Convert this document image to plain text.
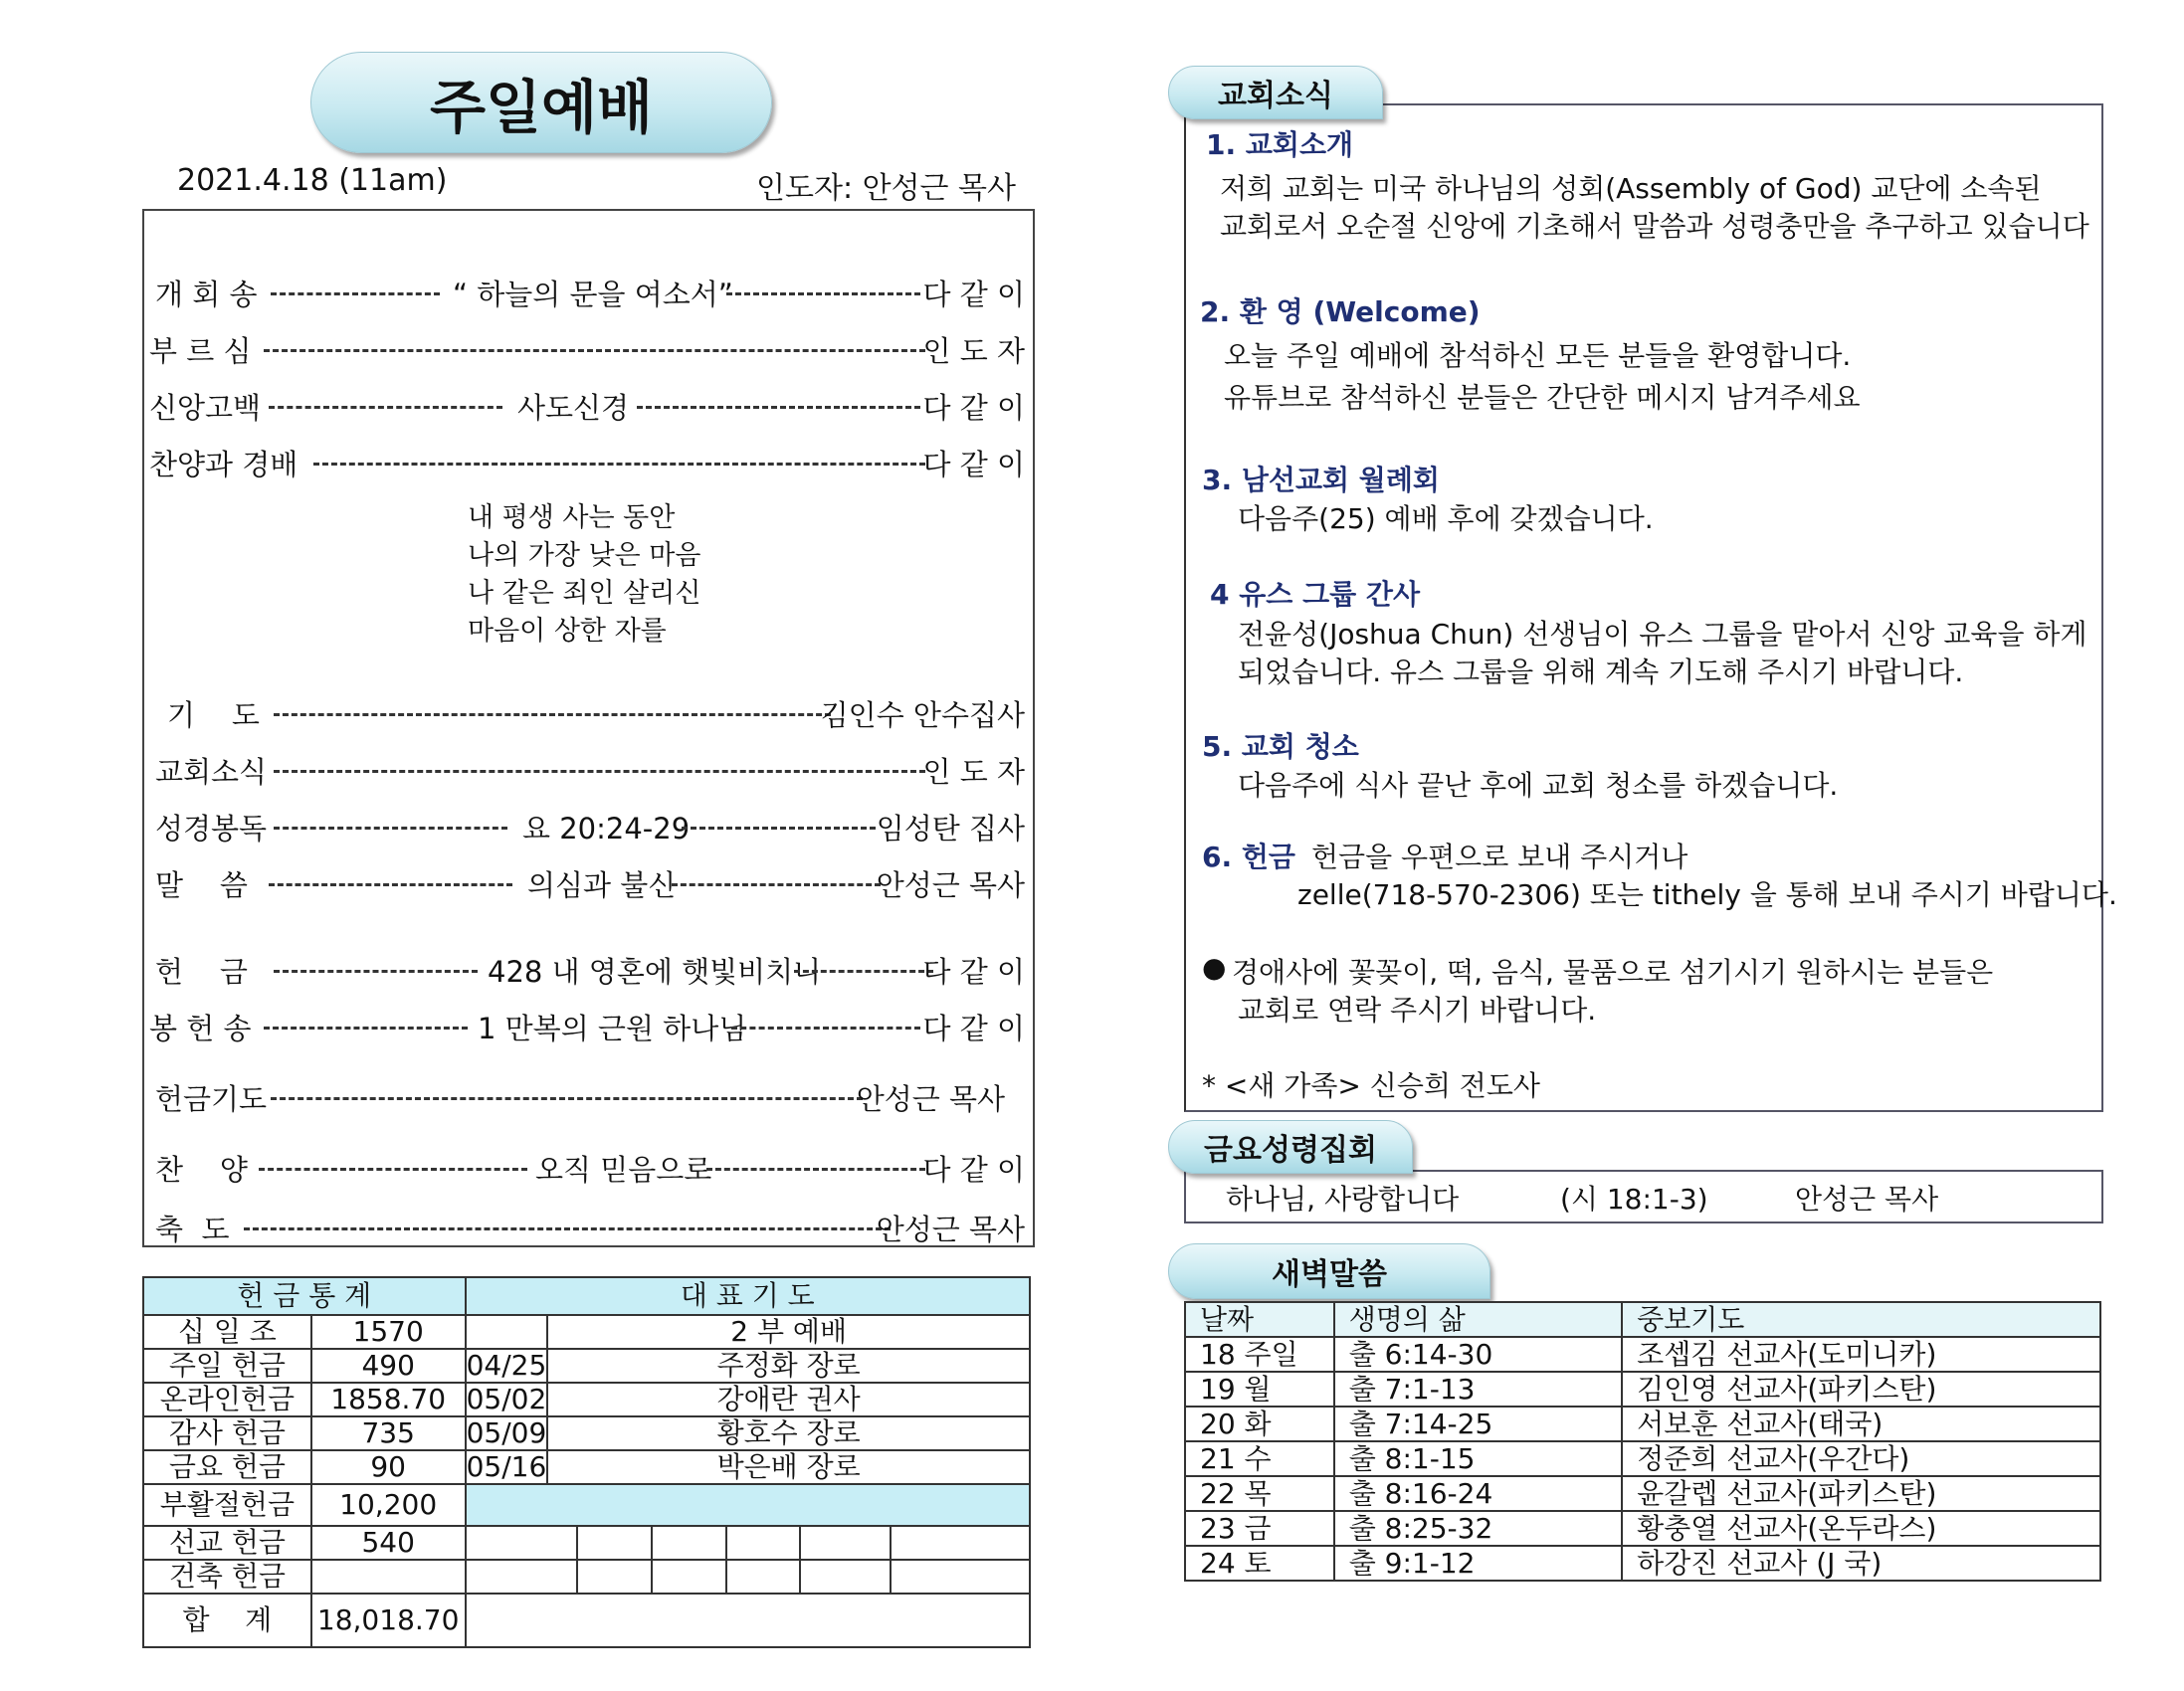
주일예배
2021.4.18 (11am)	인도자: 안성근 목사
개 회 송	“ 하늘의 문을 여소서”	다 같 이
부 르 심	인 도 자
신앙고백	사도신경	다 같 이
찬양과 경배	다 같 이
내 평생 사는 동안
나의 가장 낮은 마음
나 같은 죄인 살리신
마음이 상한 자를
기    도	김인수 안수집사
교회소식	인 도 자
성경봉독	요 20:24-29	임성탄 집사
말    씀	의심과 불신	안성근 목사
헌    금	428 내 영혼에 햇빛비치니	다 같 이
봉 헌 송	1 만복의 근원 하나님	다 같 이
헌금기도	안성근 목사
찬    양	오직 믿음으로	다 같 이
축  도	안성근 목사
헌 금 통 계		대 표 기 도						
십 일 조	1570		2 부 예배					
주일 헌금	490	04/25	주정화 장로					
온라인헌금	1858.70	05/02	강애란 권사					
감사 헌금	735	05/09	황호수 장로					
금요 헌금	90	05/16	박은배 장로					
부활절헌금	10,200							
선교 헌금	540							
건축 헌금								
합    계	18,018.70							
교회소식
1. 교회소개
저희 교회는 미국 하나님의 성회(Assembly of God) 교단에 소속된
교회로서 오순절 신앙에 기초해서 말씀과 성령충만을 추구하고 있습니다
2. 환 영 (Welcome)
오늘 주일 예배에 참석하신 모든 분들을 환영합니다.
유튜브로 참석하신 분들은 간단한 메시지 남겨주세요
3. 남선교회 월례회
다음주(25) 예배 후에 갖겠습니다.
4 유스 그룹 간사
전윤성(Joshua Chun) 선생님이 유스 그룹을 맡아서 신앙 교육을 하게
되었습니다. 유스 그룹을 위해 계속 기도해 주시기 바랍니다.
5. 교회 청소
다음주에 식사 끝난 후에 교회 청소를 하겠습니다.
6. 헌금 헌금을 우편으로 보내 주시거나
zelle(718-570-2306) 또는 tithely 을 통해 보내 주시기 바랍니다.
● 경애사에 꽃꽂이, 떡, 음식, 물품으로 섬기시기 원하시는 분들은
교회로 연락 주시기 바랍니다.
* <새 가족> 신승희 전도사
금요성령집회
하나님, 사랑합니다	(시 18:1-3)	안성근 목사
새벽말씀
날짜	생명의 삶	중보기도
18 주일	출 6:14-30	조셉김 선교사(도미니카)
19 월	출 7:1-13	김인영 선교사(파키스탄)
20 화	출 7:14-25	서보훈 선교사(태국)
21 수	출 8:1-15	정준희 선교사(우간다)
22 목	출 8:16-24	윤갈렙 선교사(파키스탄)
23 금	출 8:25-32	황충열 선교사(온두라스)
24 토	출 9:1-12	하강진 선교사 (J 국)
